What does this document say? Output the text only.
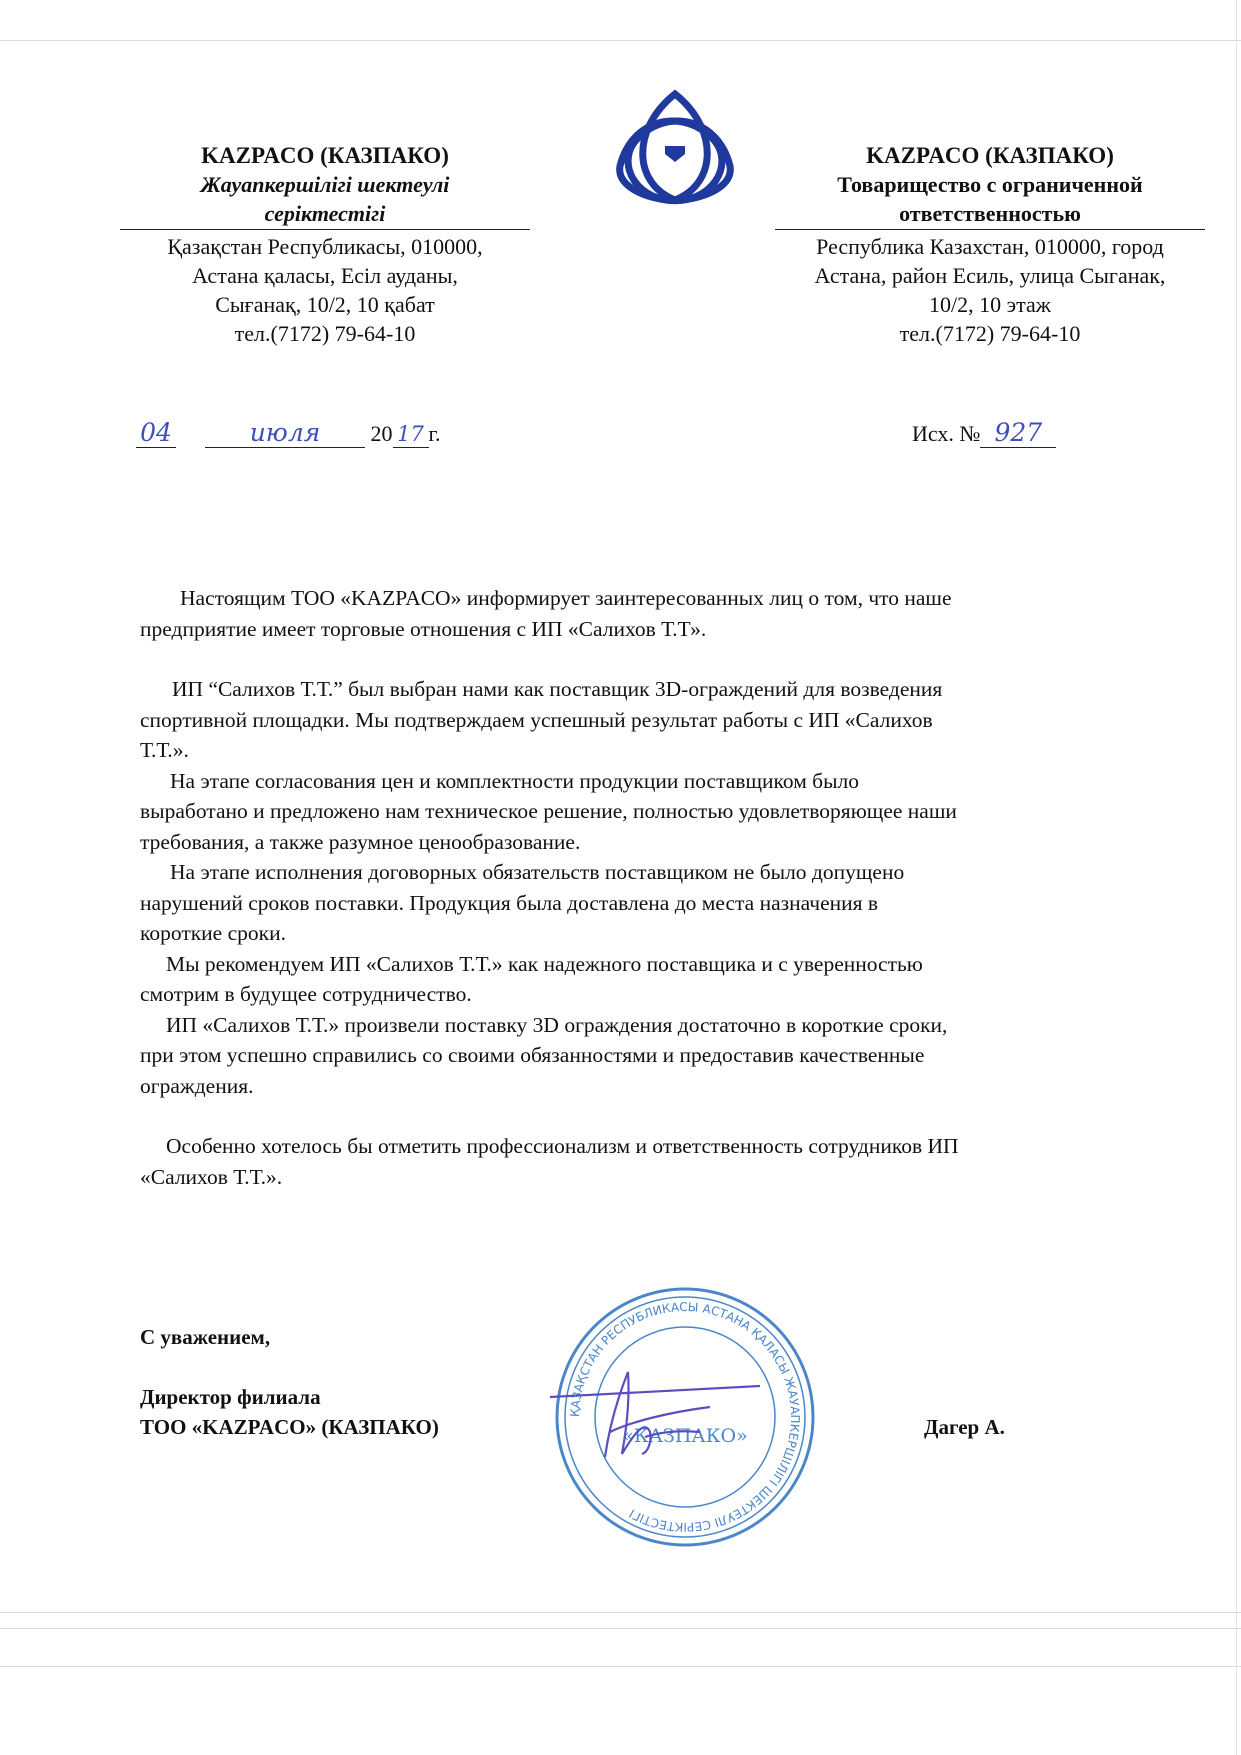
KAZPACO (КАЗПАКО)
Жауапкершілігі шектеулі
серіктестігі
Қазақстан Республикасы, 010000,
Астана қаласы, Есіл ауданы,
Сығанақ, 10/2, 10 қабат
тел.(7172) 79-64-10
KAZPACO (КАЗПАКО)
Товарищество с ограниченной
ответственностью
Республика Казахстан, 010000, город
Астана, район Есиль, улица Сыганак,
10/2, 10 этаж
тел.(7172) 79-64-10
04	июля 20 17 г.	Исх. № 927

Настоящим ТОО «KAZPACO» информирует заинтересованных лиц о том, что наше

предприятие имеет торговые отношения с ИП «Салихов Т.Т».

ИП “Салихов Т.Т.” был выбран нами как поставщик 3D-ограждений для возведения

спортивной площадки. Мы подтверждаем успешный результат работы с ИП «Салихов

Т.Т.».

На этапе согласования цен и комплектности продукции поставщиком было

выработано и предложено нам техническое решение, полностью удовлетворяющее наши

требования, а также разумное ценообразование.

На этапе исполнения договорных обязательств поставщиком не было допущено

нарушений сроков поставки. Продукция была доставлена до места назначения в

короткие сроки.

Мы рекомендуем ИП «Салихов Т.Т.» как надежного поставщика и с уверенностью

смотрим в будущее сотрудничество.

ИП «Салихов Т.Т.» произвели поставку 3D ограждения достаточно в короткие сроки,

при этом успешно справились со своими обязанностями и предоставив качественные

ограждения.

Особенно хотелось бы отметить профессионализм и ответственность сотрудников ИП

«Салихов Т.Т.».

С уважением,
Директор филиала
ТОО «KAZPACO» (КАЗПАКО)	Дагер А.
ҚАЗАҚСТАН РЕСПУБЛИКАСЫ АСТАНА ҚАЛАСЫ ЖАУАПКЕРШІЛІГІ ШЕКТЕУЛІ СЕРІКТЕСТІГІ
«КАЗПАКО»
